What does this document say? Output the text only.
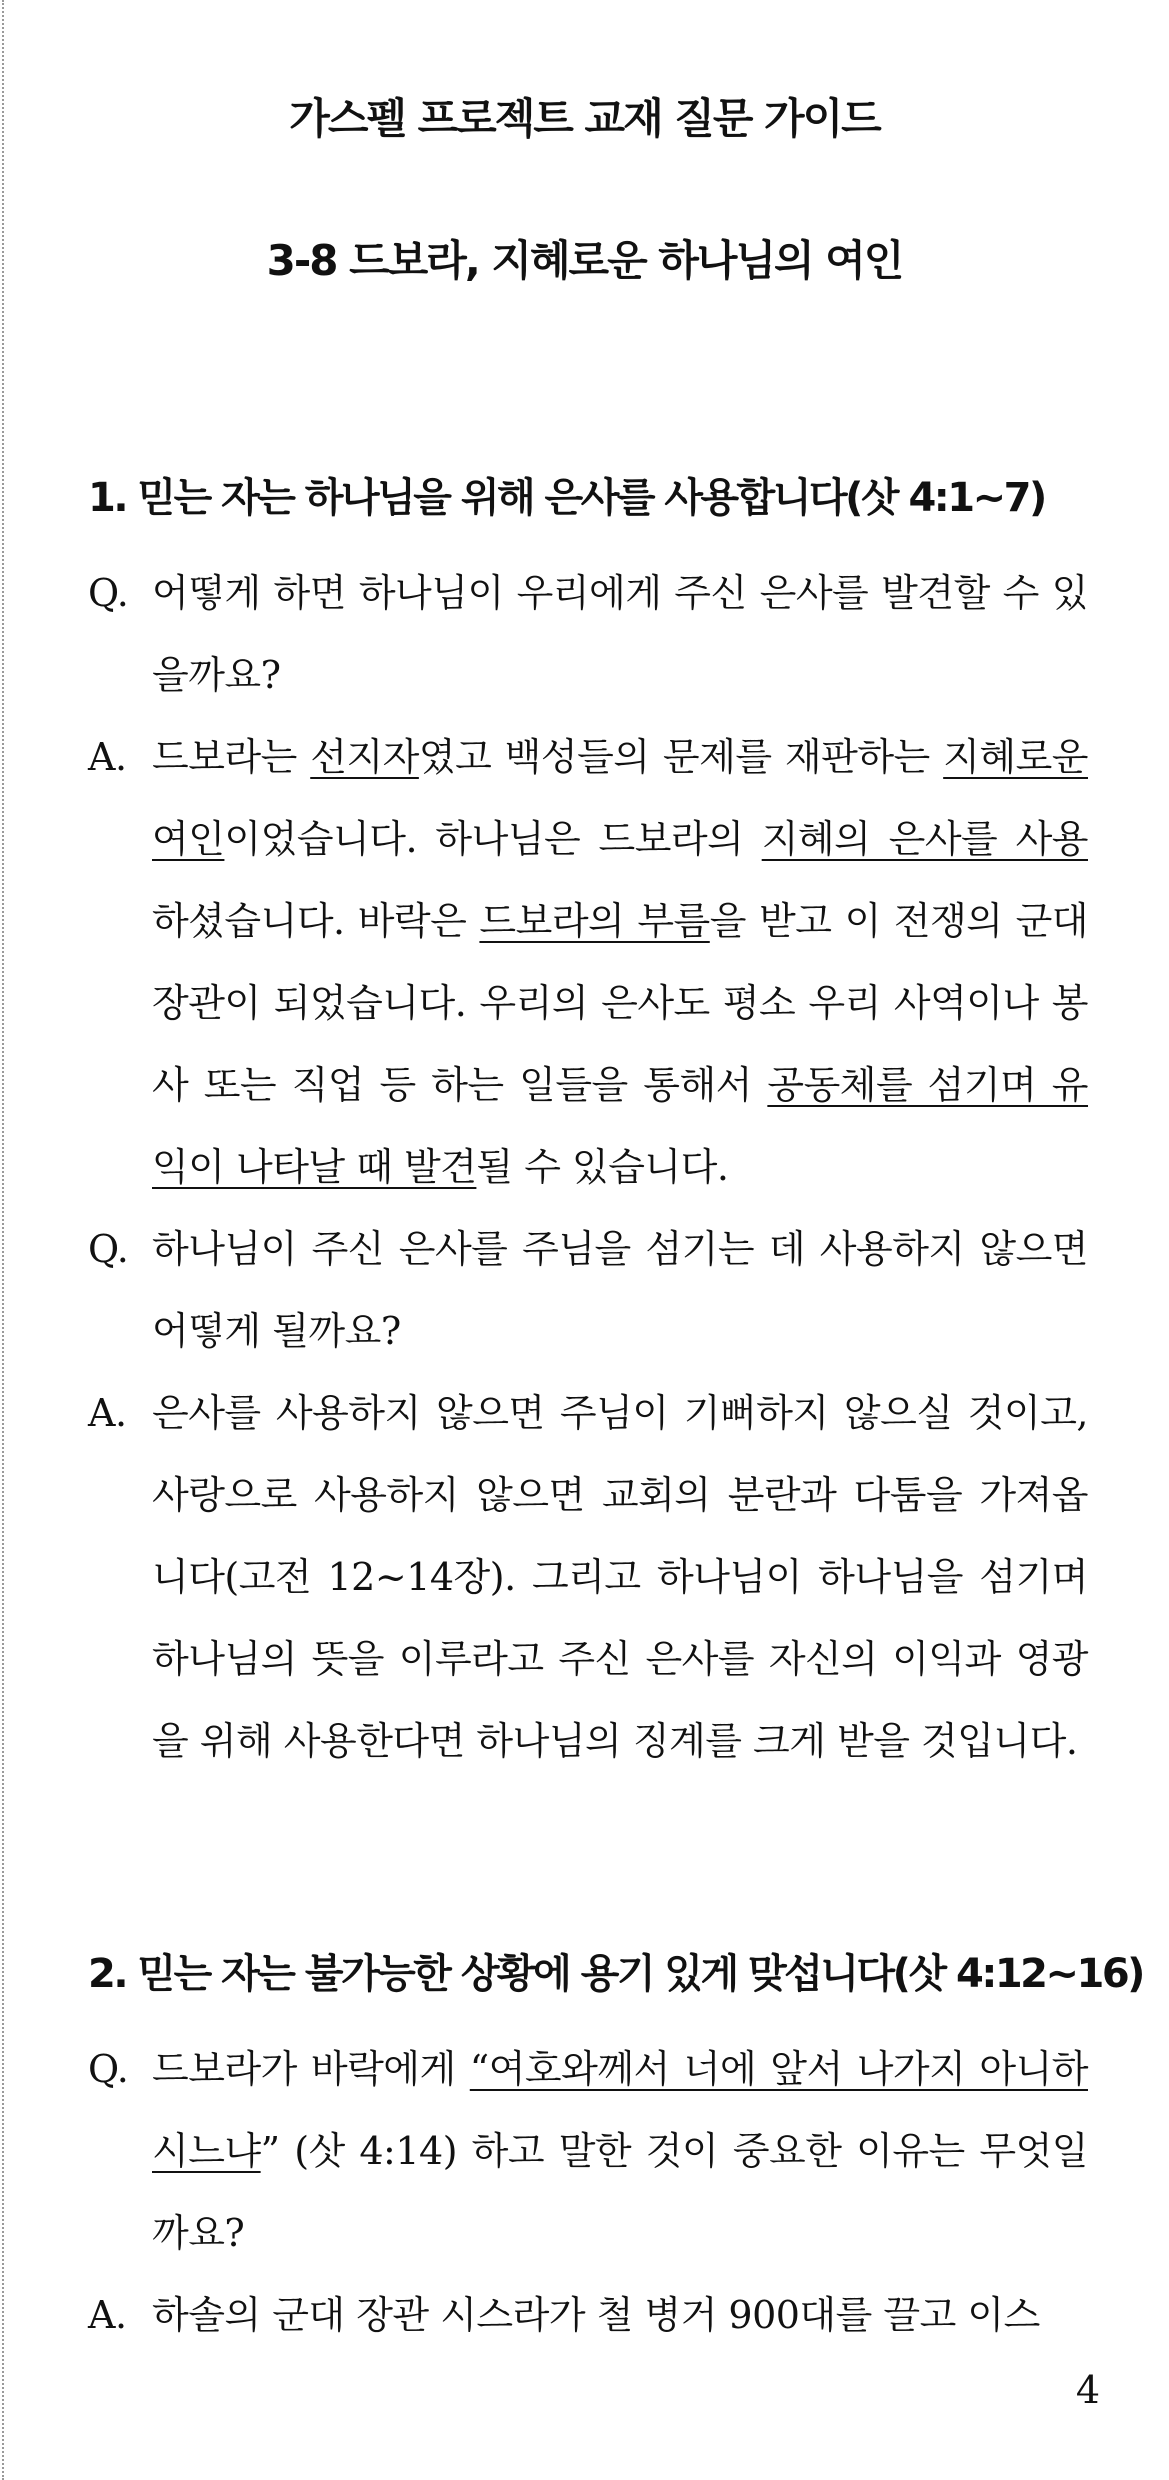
가스펠 프로젝트 교재 질문 가이드
3-8 드보라, 지혜로운 하나님의 여인
1. 믿는 자는 하나님을 위해 은사를 사용합니다(삿 4:1~7)
Q. 어떻게 하면 하나님이 우리에게 주신 은사를 발견할 수 있을까요?
A. 드보라는 선지자였고 백성들의 문제를 재판하는 지혜로운 여인이었습니다. 하나님은 드보라의 지혜의 은사를 사용하셨습니다. 바락은 드보라의 부름을 받고 이 전쟁의 군대 장관이 되었습니다. 우리의 은사도 평소 우리 사역이나 봉사 또는 직업 등 하는 일들을 통해서 공동체를 섬기며 유익이 나타날 때 발견될 수 있습니다.
Q. 하나님이 주신 은사를 주님을 섬기는 데 사용하지 않으면 어떻게 될까요?
A. 은사를 사용하지 않으면 주님이 기뻐하지 않으실 것이고, 사랑으로 사용하지 않으면 교회의 분란과 다툼을 가져옵니다(고전 12~14장). 그리고 하나님이 하나님을 섬기며 하나님의 뜻을 이루라고 주신 은사를 자신의 이익과 영광을 위해 사용한다면 하나님의 징계를 크게 받을 것입니다.
2. 믿는 자는 불가능한 상황에 용기 있게 맞섭니다(삿 4:12~16)
Q. 드보라가 바락에게 “여호와께서 너에 앞서 나가지 아니하시느냐” (삿 4:14) 하고 말한 것이 중요한 이유는 무엇일까요?
A. 하솔의 군대 장관 시스라가 철 병거 900대를 끌고 이스
4
